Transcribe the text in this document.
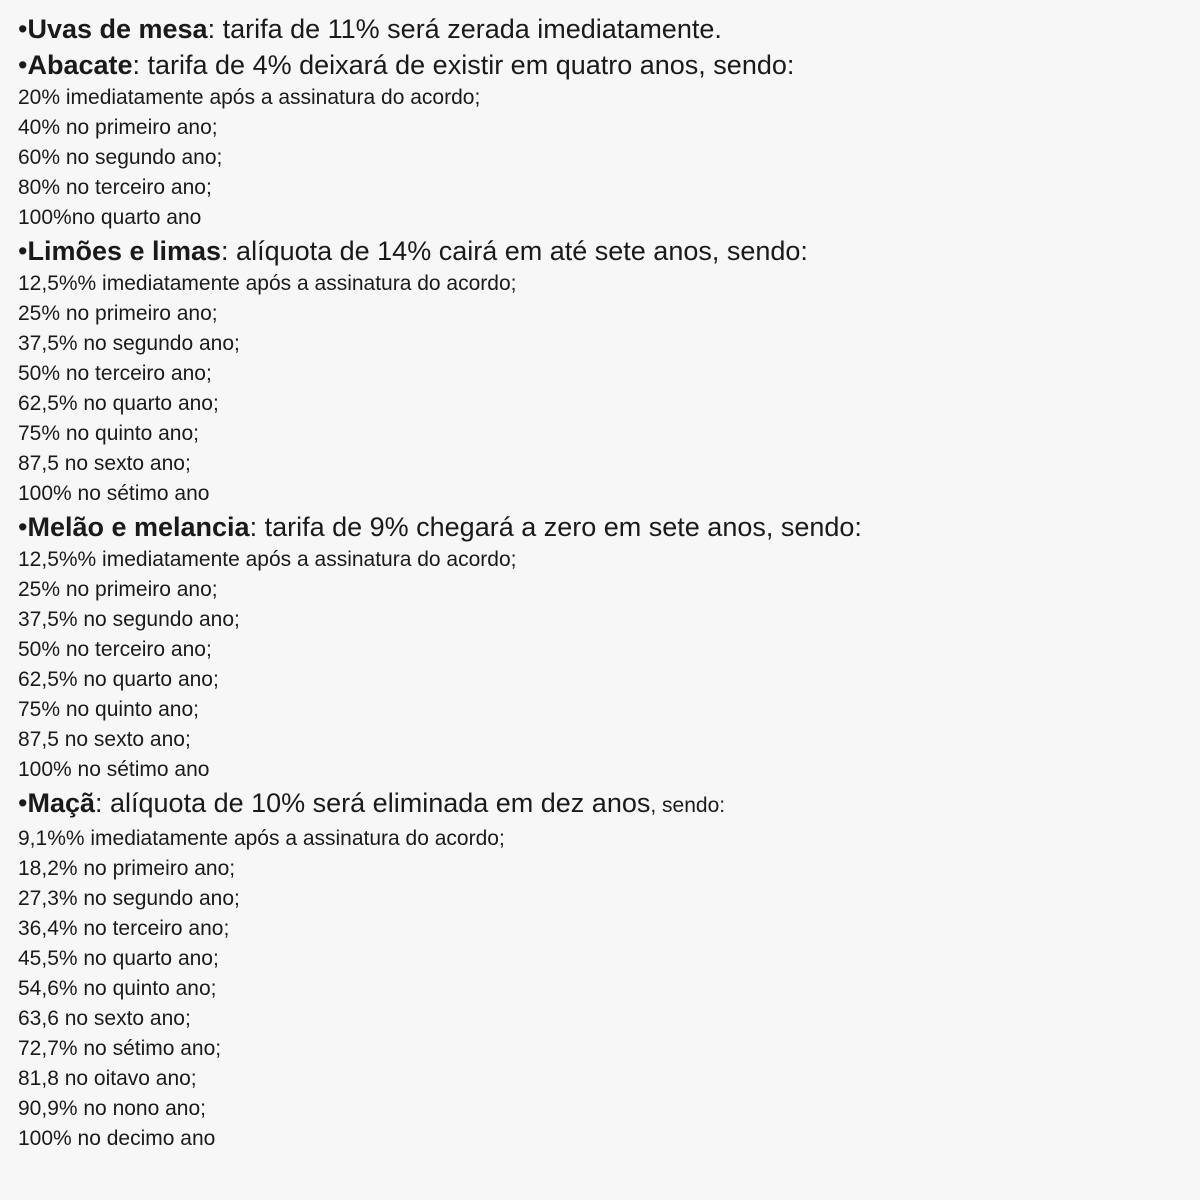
•Uvas de mesa: tarifa de 11% será zerada imediatamente.
•Abacate: tarifa de 4% deixará de existir em quatro anos, sendo:
20% imediatamente após a assinatura do acordo;
40% no primeiro ano;
60% no segundo ano;
80% no terceiro ano;
100%no quarto ano
•Limões e limas: alíquota de 14% cairá em até sete anos, sendo:
12,5%% imediatamente após a assinatura do acordo;
25% no primeiro ano;
37,5% no segundo ano;
50% no terceiro ano;
62,5% no quarto ano;
75% no quinto ano;
87,5 no sexto ano;
100% no sétimo ano
•Melão e melancia: tarifa de 9% chegará a zero em sete anos, sendo:
12,5%% imediatamente após a assinatura do acordo;
25% no primeiro ano;
37,5% no segundo ano;
50% no terceiro ano;
62,5% no quarto ano;
75% no quinto ano;
87,5 no sexto ano;
100% no sétimo ano
•Maçã: alíquota de 10% será eliminada em dez anos, sendo:
9,1%% imediatamente após a assinatura do acordo;
18,2% no primeiro ano;
27,3% no segundo ano;
36,4% no terceiro ano;
45,5% no quarto ano;
54,6% no quinto ano;
63,6 no sexto ano;
72,7% no sétimo ano;
81,8 no oitavo ano;
90,9% no nono ano;
100% no decimo ano
